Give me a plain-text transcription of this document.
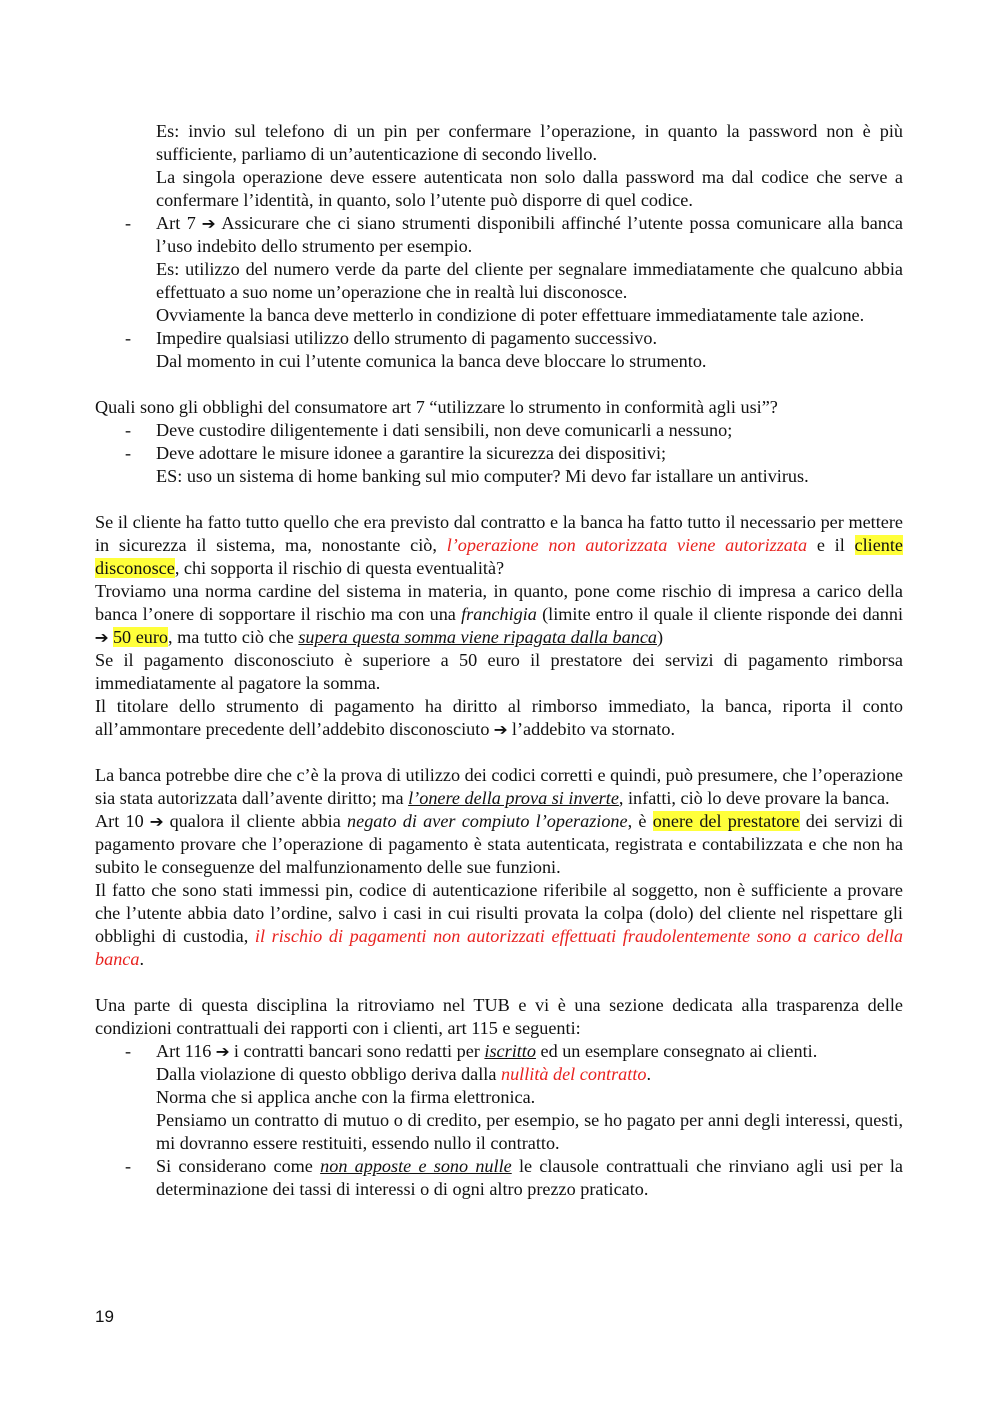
Es: invio sul telefono di un pin per confermare l’operazione, in quanto la password non è più sufficiente, parliamo di un’autenticazione di secondo livello.
La singola operazione deve essere autenticata non solo dalla password ma dal codice che serve a confermare l’identità, in quanto, solo l’utente può disporre di quel codice.
- Art 7 ➔ Assicurare che ci siano strumenti disponibili affinché l’utente possa comunicare alla banca l’uso indebito dello strumento per esempio.
Es: utilizzo del numero verde da parte del cliente per segnalare immediatamente che qualcuno abbia effettuato a suo nome un’operazione che in realtà lui disconosce.
Ovviamente la banca deve metterlo in condizione di poter effettuare immediatamente tale azione.
- Impedire qualsiasi utilizzo dello strumento di pagamento successivo.
Dal momento in cui l’utente comunica la banca deve bloccare lo strumento.
Quali sono gli obblighi del consumatore art 7 “utilizzare lo strumento in conformità agli usi”?
- Deve custodire diligentemente i dati sensibili, non deve comunicarli a nessuno;
- Deve adottare le misure idonee a garantire la sicurezza dei dispositivi;
ES: uso un sistema di home banking sul mio computer? Mi devo far istallare un antivirus.
Se il cliente ha fatto tutto quello che era previsto dal contratto e la banca ha fatto tutto il necessario per mettere in sicurezza il sistema, ma, nonostante ciò, l’operazione non autorizzata viene autorizzata e il cliente disconosce, chi sopporta il rischio di questa eventualità?
Troviamo una norma cardine del sistema in materia, in quanto, pone come rischio di impresa a carico della banca l’onere di sopportare il rischio ma con una franchigia (limite entro il quale il cliente risponde dei danni ➔ 50 euro, ma tutto ciò che supera questa somma viene ripagata dalla banca)
Se il pagamento disconosciuto è superiore a 50 euro il prestatore dei servizi di pagamento rimborsa immediatamente al pagatore la somma.
Il titolare dello strumento di pagamento ha diritto al rimborso immediato, la banca, riporta il conto all’ammontare precedente dell’addebito disconosciuto ➔ l’addebito va stornato.
La banca potrebbe dire che c’è la prova di utilizzo dei codici corretti e quindi, può presumere, che l’operazione sia stata autorizzata dall’avente diritto; ma l’onere della prova si inverte, infatti, ciò lo deve provare la banca.
Art 10 ➔ qualora il cliente abbia negato di aver compiuto l’operazione, è onere del prestatore dei servizi di pagamento provare che l’operazione di pagamento è stata autenticata, registrata e contabilizzata e che non ha subito le conseguenze del malfunzionamento delle sue funzioni.
Il fatto che sono stati immessi pin, codice di autenticazione riferibile al soggetto, non è sufficiente a provare che l’utente abbia dato l’ordine, salvo i casi in cui risulti provata la colpa (dolo) del cliente nel rispettare gli obblighi di custodia, il rischio di pagamenti non autorizzati effettuati fraudolentemente sono a carico della banca.
Una parte di questa disciplina la ritroviamo nel TUB e vi è una sezione dedicata alla trasparenza delle condizioni contrattuali dei rapporti con i clienti, art 115 e seguenti:
- Art 116 ➔ i contratti bancari sono redatti per iscritto ed un esemplare consegnato ai clienti.
Dalla violazione di questo obbligo deriva dalla nullità del contratto.
Norma che si applica anche con la firma elettronica.
Pensiamo un contratto di mutuo o di credito, per esempio, se ho pagato per anni degli interessi, questi, mi dovranno essere restituiti, essendo nullo il contratto.
- Si considerano come non apposte e sono nulle le clausole contrattuali che rinviano agli usi per la determinazione dei tassi di interessi o di ogni altro prezzo praticato.
19
